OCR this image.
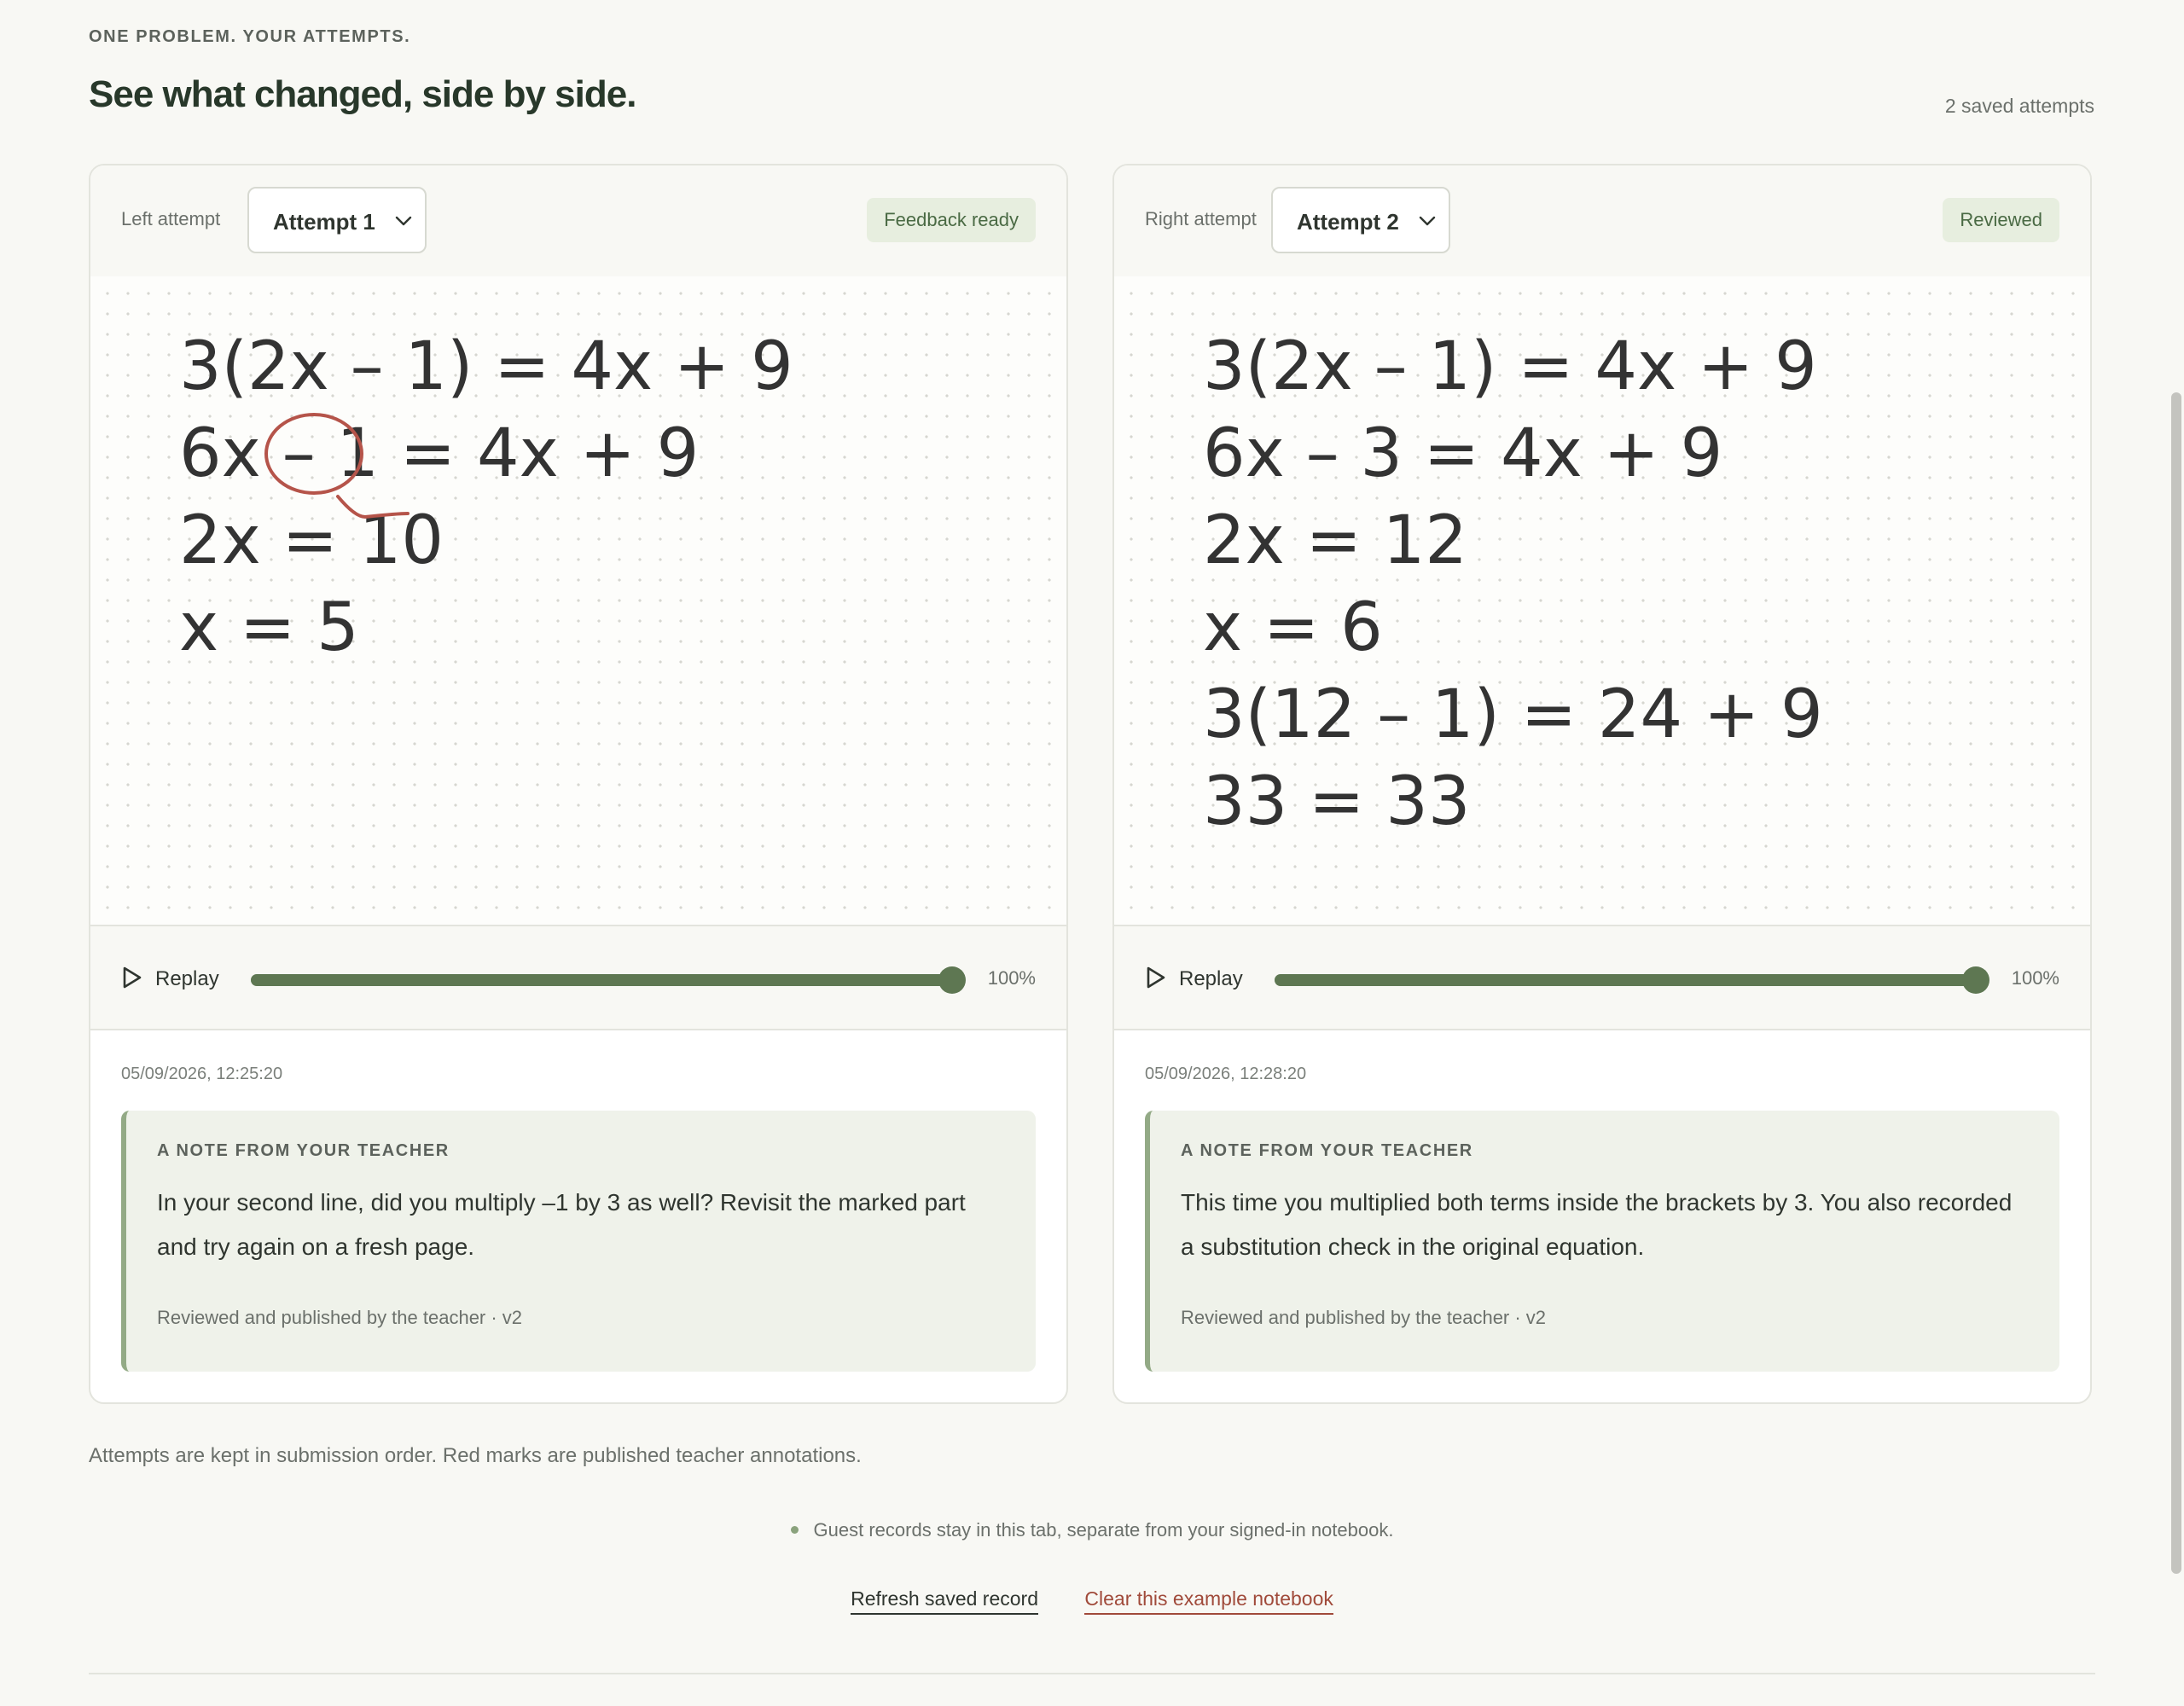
ONE PROBLEM. YOUR ATTEMPTS.
See what changed, side by side.	2 saved attempts
Left attempt Attempt 1	Feedback ready
3(2x – 1) = 4x + 9
6x – 1 = 4x + 9
2x = 10
x = 5
Replay	100%
05/09/2026, 12:25:20
A NOTE FROM YOUR TEACHER
In your second line, did you multiply –1 by 3 as well? Revisit the marked part and try again on a fresh page.
Reviewed and published by the teacher · v2
Right attempt Attempt 2	Reviewed
3(2x – 1) = 4x + 9
6x – 3 = 4x + 9
2x = 12
x = 6
3(12 – 1) = 24 + 9
33 = 33
Replay	100%
05/09/2026, 12:28:20
A NOTE FROM YOUR TEACHER
This time you multiplied both terms inside the brackets by 3. You also recorded a substitution check in the original equation.
Reviewed and published by the teacher · v2
Attempts are kept in submission order. Red marks are published teacher annotations.
Guest records stay in this tab, separate from your signed-in notebook.
Refresh saved record Clear this example notebook
